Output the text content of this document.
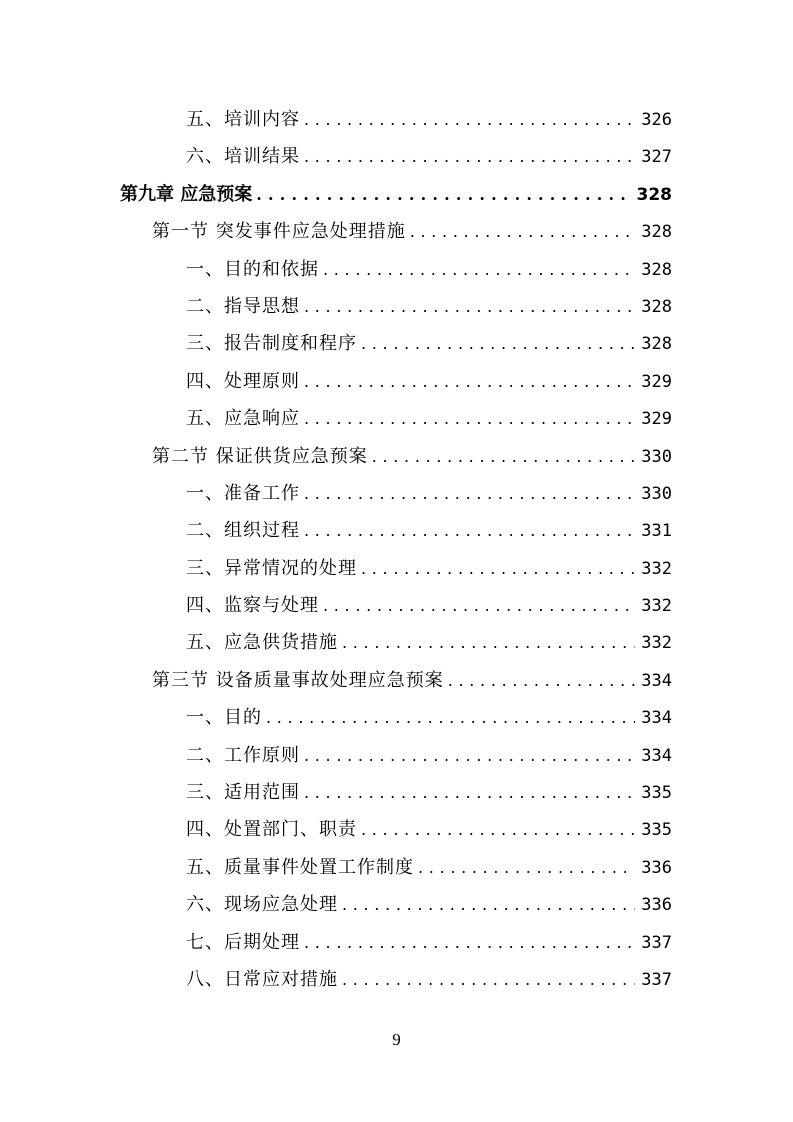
五、培训内容 . . .	326
六、培训结果 . . .	327
第九章 应急预案 . . .	328
第一节 突发事件应急处理措施 . . .	328
一、目的和依据 . . .	328
二、指导思想 . . .	328
三、报告制度和程序 . . .	328
四、处理原则 . . .	329
五、应急响应 . . .	329
第二节 保证供货应急预案 . . .	330
一、准备工作 . . .	330
二、组织过程 . . .	331
三、异常情况的处理 . . .	332
四、监察与处理 . . .	332
五、应急供货措施 . . .	332
第三节 设备质量事故处理应急预案 . . .	334
一、目的 . . .	334
二、工作原则 . . .	334
三、适用范围 . . .	335
四、处置部门、职责 . . .	335
五、质量事件处置工作制度 . . .	336
六、现场应急处理 . . .	336
七、后期处理 . . .	337
八、日常应对措施 . . .	337
9
